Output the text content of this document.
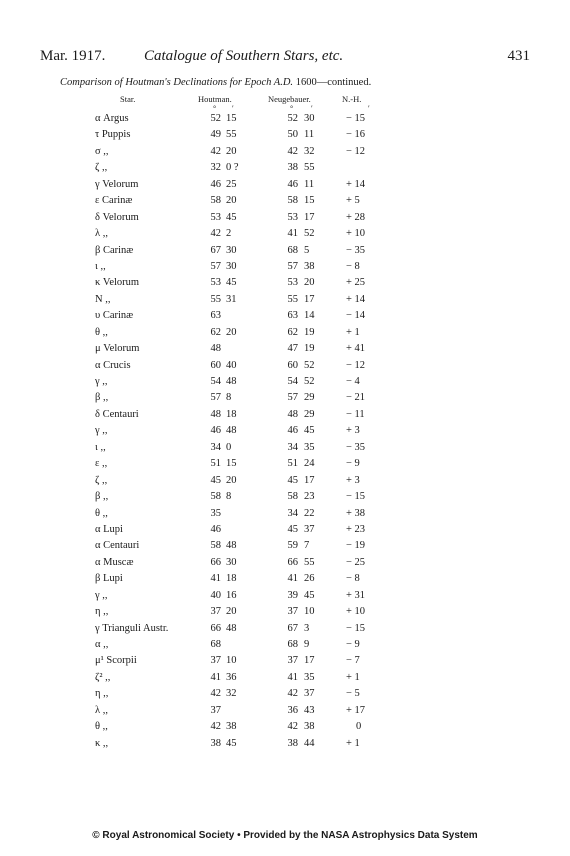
Mar. 1917.	Catalogue of Southern Stars, etc.	431
Comparison of Houtman's Declinations for Epoch A.D. 1600—continued.
Star.	Houtman.	Neugebauer.	N.-H.
° ′	° ′	′
α Argus	52 15	52 30	− 15
τ Puppis	49 55	50 11	− 16
σ ,,	42 20	42 32	− 12
ζ ,,	32 0 ?	38 55
γ Velorum	46 25	46 11	+ 14
ε Carinæ	58 20	58 15	+ 5
δ Velorum	53 45	53 17	+ 28
λ ,,	42 2	41 52	+ 10
β Carinæ	67 30	68 5	− 35
ι ,,	57 30	57 38	− 8
κ Velorum	53 45	53 20	+ 25
N ,,	55 31	55 17	+ 14
υ Carinæ	63	63 14	− 14
θ ,,	62 20	62 19	+ 1
μ Velorum	48	47 19	+ 41
α Crucis	60 40	60 52	− 12
γ ,,	54 48	54 52	− 4
β ,,	57 8	57 29	− 21
δ Centauri	48 18	48 29	− 11
γ ,,	46 48	46 45	+ 3
ι ,,	34 0	34 35	− 35
ε ,,	51 15	51 24	− 9
ζ ,,	45 20	45 17	+ 3
β ,,	58 8	58 23	− 15
θ ,,	35	34 22	+ 38
α Lupi	46	45 37	+ 23
α Centauri	58 48	59 7	− 19
α Muscæ	66 30	66 55	− 25
β Lupi	41 18	41 26	− 8
γ ,,	40 16	39 45	+ 31
η ,,	37 20	37 10	+ 10
γ Trianguli Austr.	66 48	67 3	− 15
α ,,	68	68 9	− 9
μ¹ Scorpii	37 10	37 17	− 7
ζ² ,,	41 36	41 35	+ 1
η ,,	42 32	42 37	− 5
λ ,,	37	36 43	+ 17
θ ,,	42 38	42 38	0
κ ,,	38 45	38 44	+ 1
© Royal Astronomical Society • Provided by the NASA Astrophysics Data System
